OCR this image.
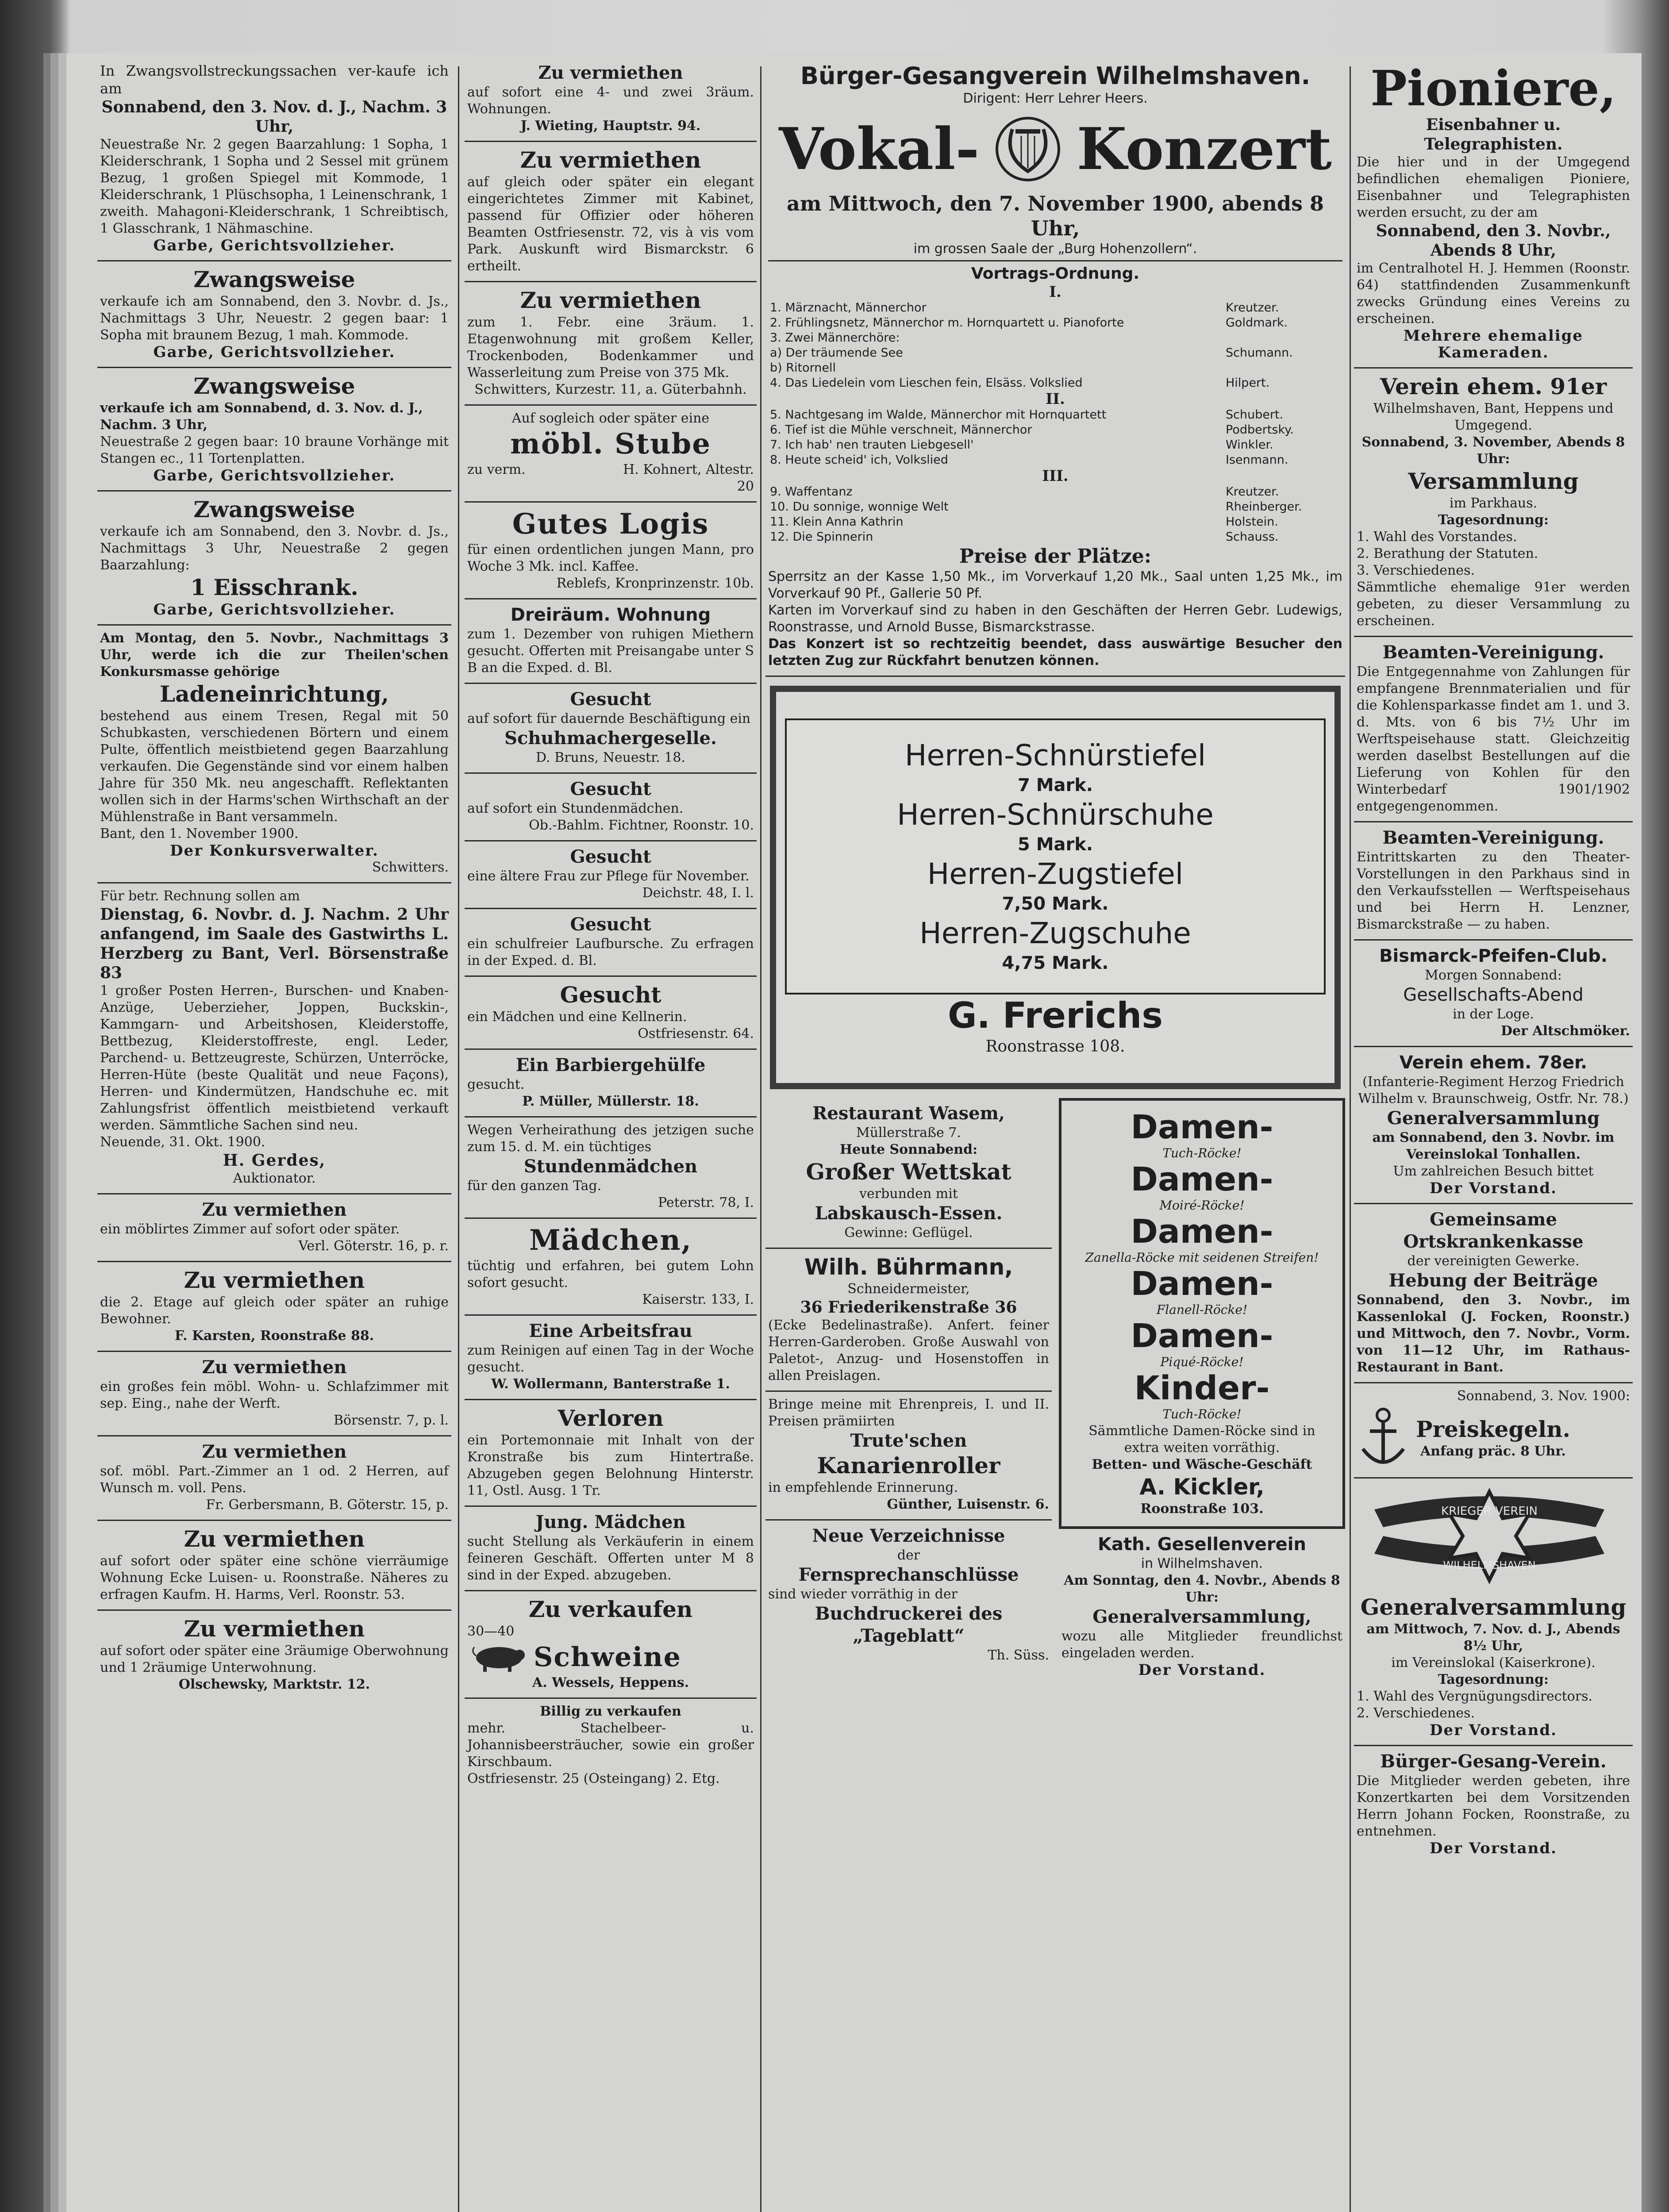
In Zwangsvollstreckungssachen ver-kaufe ich am
Sonnabend, den 3. Nov. d. J., Nachm. 3 Uhr,
Neuestraße Nr. 2 gegen Baarzahlung: 1 Sopha, 1 Kleiderschrank, 1 Sopha und 2 Sessel mit grünem Bezug, 1 großen Spiegel mit Kommode, 1 Kleiderschrank, 1 Plüschsopha, 1 Leinenschrank, 1 zweith. Mahagoni-Kleiderschrank, 1 Schreibtisch, 1 Glasschrank, 1 Nähmaschine.
Garbe, Gerichtsvollzieher.
Zwangsweise
verkaufe ich am Sonnabend, den 3. Novbr. d. Js., Nachmittags 3 Uhr, Neuestr. 2 gegen baar: 1 Sopha mit braunem Bezug, 1 mah. Kommode.
Garbe, Gerichtsvollzieher.
Zwangsweise
verkaufe ich am Sonnabend, d. 3. Nov. d. J., Nachm. 3 Uhr,
Neuestraße 2 gegen baar: 10 braune Vorhänge mit Stangen ec., 11 Tortenplatten.
Garbe, Gerichtsvollzieher.
Zwangsweise
verkaufe ich am Sonnabend, den 3. Novbr. d. Js., Nachmittags 3 Uhr, Neuestraße 2 gegen Baarzahlung:
1 Eisschrank.
Garbe, Gerichtsvollzieher.
Am Montag, den 5. Novbr., Nachmittags 3 Uhr, werde ich die zur Theilen'schen Konkursmasse gehörige
Ladeneinrichtung,
bestehend aus einem Tresen, Regal mit 50 Schubkasten, verschiedenen Börtern und einem Pulte, öffentlich meistbietend gegen Baarzahlung verkaufen. Die Gegenstände sind vor einem halben Jahre für 350 Mk. neu angeschafft. Reflektanten wollen sich in der Harms'schen Wirthschaft an der Mühlenstraße in Bant versammeln.
Bant, den 1. November 1900.
Der Konkursverwalter.
Schwitters.
Für betr. Rechnung sollen am
Dienstag, 6. Novbr. d. J. Nachm. 2 Uhr anfangend, im Saale des Gastwirths L. Herzberg zu Bant, Verl. Börsenstraße 83
1 großer Posten Herren-, Burschen- und Knaben-Anzüge, Ueberzieher, Joppen, Buckskin-, Kammgarn- und Arbeitshosen, Kleiderstoffe, Bettbezug, Kleiderstoffreste, engl. Leder, Parchend- u. Bettzeugreste, Schürzen, Unterröcke, Herren-Hüte (beste Qualität und neue Façons), Herren- und Kindermützen, Handschuhe ec. mit Zahlungsfrist öffentlich meistbietend verkauft werden. Sämmtliche Sachen sind neu.
Neuende, 31. Okt. 1900.
H. Gerdes,
Auktionator.
Zu vermiethen
ein möblirtes Zimmer auf sofort oder später.
Verl. Göterstr. 16, p. r.
Zu vermiethen
die 2. Etage auf gleich oder später an ruhige Bewohner.
F. Karsten, Roonstraße 88.
Zu vermiethen
ein großes fein möbl. Wohn- u. Schlafzimmer mit sep. Eing., nahe der Werft.
Börsenstr. 7, p. l.
Zu vermiethen
sof. möbl. Part.-Zimmer an 1 od. 2 Herren, auf Wunsch m. voll. Pens.
Fr. Gerbersmann, B. Göterstr. 15, p.
Zu vermiethen
auf sofort oder später eine schöne vierräumige Wohnung Ecke Luisen- u. Roonstraße. Näheres zu erfragen Kaufm. H. Harms, Verl. Roonstr. 53.
Zu vermiethen
auf sofort oder später eine 3räumige Oberwohnung und 1 2räumige Unterwohnung.
Olschewsky, Marktstr. 12.
Zu vermiethen
auf sofort eine 4- und zwei 3räum. Wohnungen.
J. Wieting, Hauptstr. 94.
Zu vermiethen
auf gleich oder später ein elegant eingerichtetes Zimmer mit Kabinet, passend für Offizier oder höheren Beamten Ostfriesenstr. 72, vis à vis vom Park. Auskunft wird Bismarckstr. 6 ertheilt.
Zu vermiethen
zum 1. Febr. eine 3räum. 1. Etagenwohnung mit großem Keller, Trockenboden, Bodenkammer und Wasserleitung zum Preise von 375 Mk.
Schwitters, Kurzestr. 11, a. Güterbahnh.
Auf sogleich oder später eine
möbl. Stube
zu verm.	H. Kohnert, Altestr. 20
Gutes Logis
für einen ordentlichen jungen Mann, pro Woche 3 Mk. incl. Kaffee.
Reblefs, Kronprinzenstr. 10b.
Dreiräum. Wohnung
zum 1. Dezember von ruhigen Miethern gesucht. Offerten mit Preisangabe unter S B an die Exped. d. Bl.
Gesucht
auf sofort für dauernde Beschäftigung ein
Schuhmachergeselle.
D. Bruns, Neuestr. 18.
Gesucht
auf sofort ein Stundenmädchen.
Ob.-Bahlm. Fichtner, Roonstr. 10.
Gesucht
eine ältere Frau zur Pflege für November.
Deichstr. 48, I. l.
Gesucht
ein schulfreier Laufbursche. Zu erfragen in der Exped. d. Bl.
Gesucht
ein Mädchen und eine Kellnerin.
Ostfriesenstr. 64.
Ein Barbiergehülfe
gesucht.
P. Müller, Müllerstr. 18.
Wegen Verheirathung des jetzigen suche zum 15. d. M. ein tüchtiges
Stundenmädchen
für den ganzen Tag.
Peterstr. 78, I.
Mädchen,
tüchtig und erfahren, bei gutem Lohn sofort gesucht.
Kaiserstr. 133, I.
Eine Arbeitsfrau
zum Reinigen auf einen Tag in der Woche gesucht.
W. Wollermann, Banterstraße 1.
Verloren
ein Portemonnaie mit Inhalt von der Kronstraße bis zum Hintertraße. Abzugeben gegen Belohnung Hinterstr. 11, Ostl. Ausg. 1 Tr.
Jung. Mädchen
sucht Stellung als Verkäuferin in einem feineren Geschäft. Offerten unter M 8 sind in der Exped. abzugeben.
Zu verkaufen
30—40
Schweine
A. Wessels, Heppens.
Billig zu verkaufen
mehr. Stachelbeer- u. Johannisbeersträucher, sowie ein großer Kirschbaum.
Ostfriesenstr. 25 (Osteingang) 2. Etg.
Bürger-Gesangverein Wilhelmshaven.
Dirigent: Herr Lehrer Heers.
Vokal- Konzert
am Mittwoch, den 7. November 1900, abends 8 Uhr,
im grossen Saale der „Burg Hohenzollern“.
Vortrags-Ordnung.
I.
1. Märznacht, Männerchor	Kreutzer.
2. Frühlingsnetz, Männerchor m. Hornquartett u. Pianoforte	Goldmark.
3. Zwei Männerchöre:	
a) Der träumende See	Schumann.
b) Ritornell	
4. Das Liedelein vom Lieschen fein, Elsäss. Volkslied	Hilpert.
II.
5. Nachtgesang im Walde, Männerchor mit Hornquartett	Schubert.
6. Tief ist die Mühle verschneit, Männerchor	Podbertsky.
7. Ich hab' nen trauten Liebgesell'	Winkler.
8. Heute scheid' ich, Volkslied	Isenmann.
III.
9. Waffentanz	Kreutzer.
10. Du sonnige, wonnige Welt	Rheinberger.
11. Klein Anna Kathrin	Holstein.
12. Die Spinnerin	Schauss.
Preise der Plätze:
Sperrsitz an der Kasse 1,50 Mk., im Vorverkauf 1,20 Mk., Saal unten 1,25 Mk., im Vorverkauf 90 Pf., Gallerie 50 Pf.
Karten im Vorverkauf sind zu haben in den Geschäften der Herren Gebr. Ludewigs, Roonstrasse, und Arnold Busse, Bismarckstrasse.
Das Konzert ist so rechtzeitig beendet, dass auswärtige Besucher den letzten Zug zur Rückfahrt benutzen können.
Herren-Schnürstiefel
7 Mark.
Herren-Schnürschuhe
5 Mark.
Herren-Zugstiefel
7,50 Mark.
Herren-Zugschuhe
4,75 Mark.
G. Frerichs
Roonstrasse 108.
Restaurant Wasem,
Müllerstraße 7.
Heute Sonnabend:
Großer Wettskat
verbunden mit
Labskausch-Essen.
Gewinne: Geflügel.
Wilh. Bührmann,
Schneidermeister,
36 Friederikenstraße 36
(Ecke Bedelinastraße). Anfert. feiner Herren-Garderoben. Große Auswahl von Paletot-, Anzug- und Hosenstoffen in allen Preislagen.
Bringe meine mit Ehrenpreis, I. und II. Preisen prämiirten
Trute'schen
Kanarienroller
in empfehlende Erinnerung.
Günther, Luisenstr. 6.
Neue Verzeichnisse
der
Fernsprechanschlüsse
sind wieder vorräthig in der
Buchdruckerei des „Tageblatt“
Th. Süss.
Damen-
Tuch-Röcke!
Damen-
Moiré-Röcke!
Damen-
Zanella-Röcke mit seidenen Streifen!
Damen-
Flanell-Röcke!
Damen-
Piqué-Röcke!
Kinder-
Tuch-Röcke!
Sämmtliche Damen-Röcke sind in extra weiten vorräthig.
Betten- und Wäsche-Geschäft
A. Kickler,
Roonstraße 103.
Kath. Gesellenverein
in Wilhelmshaven.
Am Sonntag, den 4. Novbr., Abends 8 Uhr:
Generalversammlung,
wozu alle Mitglieder freundlichst eingeladen werden.
Der Vorstand.
Pioniere,
Eisenbahner u. Telegraphisten.
Die hier und in der Umgegend befindlichen ehemaligen Pioniere, Eisenbahner und Telegraphisten werden ersucht, zu der am
Sonnabend, den 3. Novbr., Abends 8 Uhr,
im Centralhotel H. J. Hemmen (Roonstr. 64) stattfindenden Zusammenkunft zwecks Gründung eines Vereins zu erscheinen.
Mehrere ehemalige Kameraden.
Verein ehem. 91er
Wilhelmshaven, Bant, Heppens und Umgegend.
Sonnabend, 3. November, Abends 8 Uhr:
Versammlung
im Parkhaus.
Tagesordnung:
1. Wahl des Vorstandes.
2. Berathung der Statuten.
3. Verschiedenes.
Sämmtliche ehemalige 91er werden gebeten, zu dieser Versammlung zu erscheinen.
Beamten-Vereinigung.
Die Entgegennahme von Zahlungen für empfangene Brennmaterialien und für die Kohlensparkasse findet am 1. und 3. d. Mts. von 6 bis 7½ Uhr im Werftspeisehause statt. Gleichzeitig werden daselbst Bestellungen auf die Lieferung von Kohlen für den Winterbedarf 1901/1902 entgegengenommen.
Beamten-Vereinigung.
Eintrittskarten zu den Theater-Vorstellungen in den Parkhaus sind in den Verkaufsstellen — Werftspeisehaus und bei Herrn H. Lenzner, Bismarckstraße — zu haben.
Bismarck-Pfeifen-Club.
Morgen Sonnabend:
Gesellschafts-Abend
in der Loge.
Der Altschmöker.
Verein ehem. 78er.
(Infanterie-Regiment Herzog Friedrich Wilhelm v. Braunschweig, Ostfr. Nr. 78.)
Generalversammlung
am Sonnabend, den 3. Novbr. im Vereinslokal Tonhallen.
Um zahlreichen Besuch bittet
Der Vorstand.
Gemeinsame Ortskrankenkasse
der vereinigten Gewerke.
Hebung der Beiträge
Sonnabend, den 3. Novbr., im Kassenlokal (J. Focken, Roonstr.) und Mittwoch, den 7. Novbr., Vorm. von 11—12 Uhr, im Rathaus-Restaurant in Bant.
Sonnabend, 3. Nov. 1900:
Preiskegeln.
Anfang präc. 8 Uhr.
KRIEGER VEREIN
WILHELMSHAVEN
Generalversammlung
am Mittwoch, 7. Nov. d. J., Abends 8½ Uhr,
im Vereinslokal (Kaiserkrone).
Tagesordnung:
1. Wahl des Vergnügungsdirectors.
2. Verschiedenes.
Der Vorstand.
Bürger-Gesang-Verein.
Die Mitglieder werden gebeten, ihre Konzertkarten bei dem Vorsitzenden Herrn Johann Focken, Roonstraße, zu entnehmen.
Der Vorstand.
